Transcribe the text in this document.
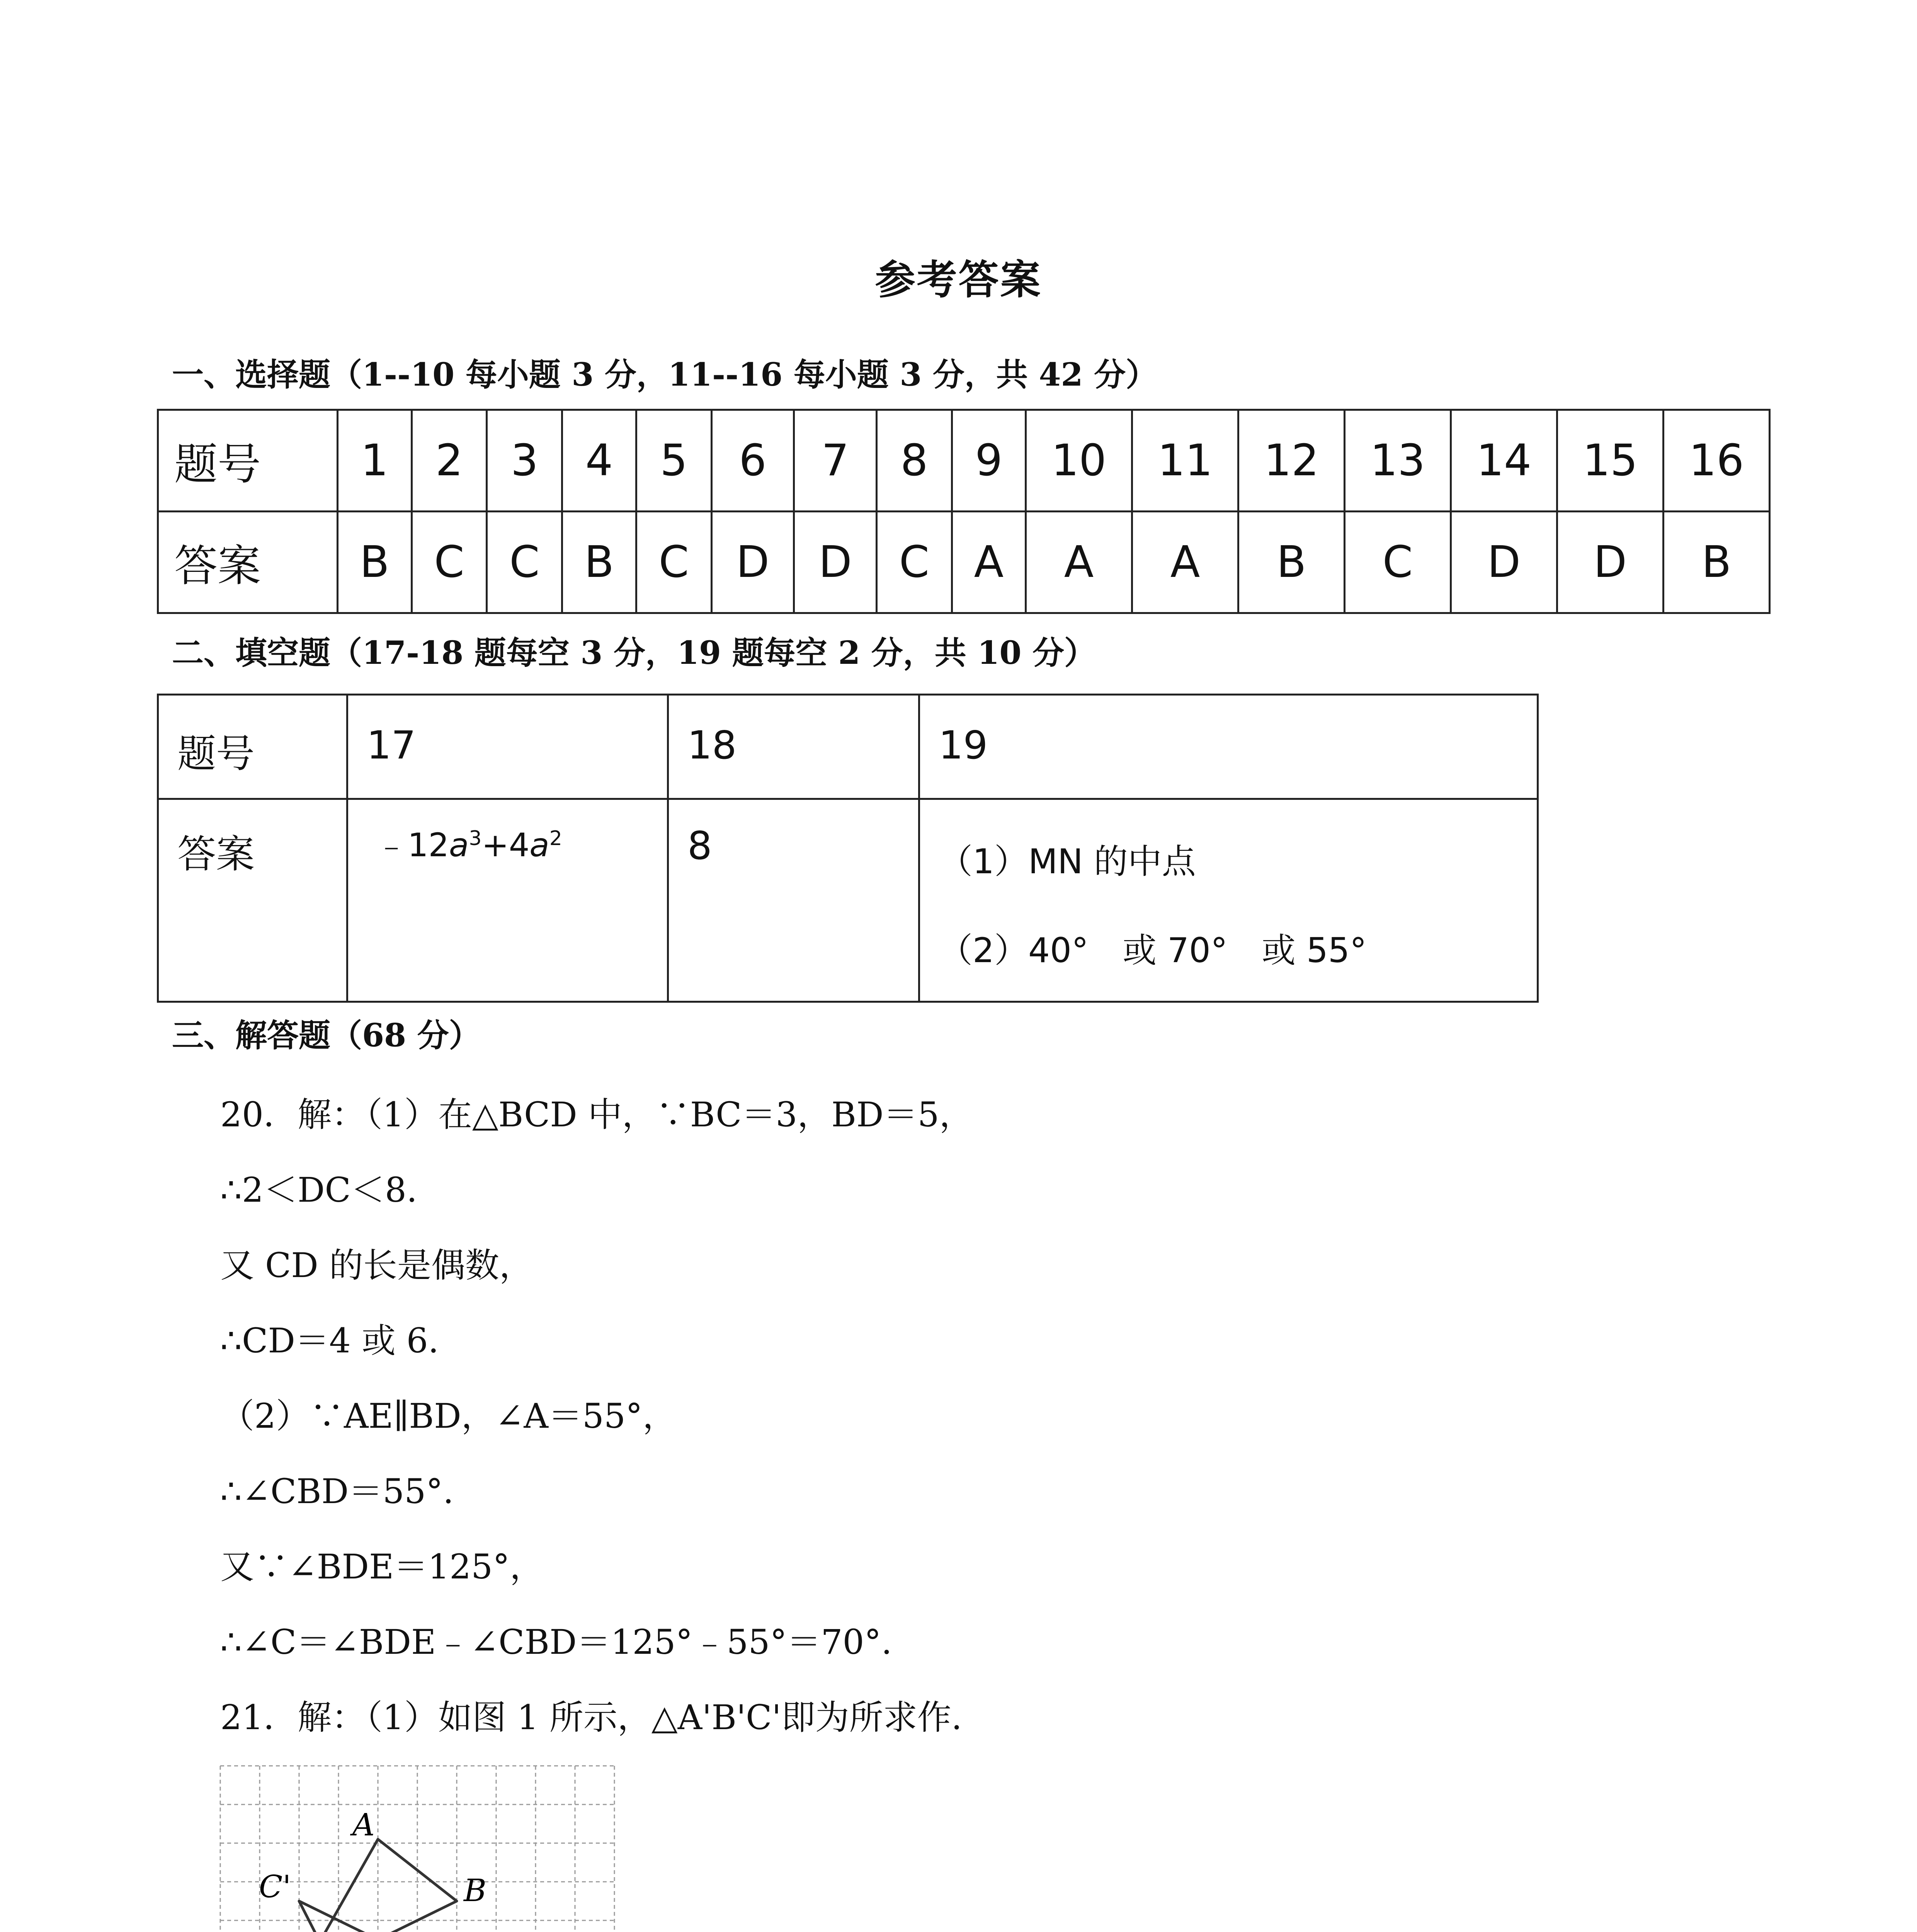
参考答案
一、选择题（1--10 每小题 3 分，11--16 每小题 3 分，共 42 分）
题号	1	2	3	4	5	6	7	8	9	10	11	12	13	14	15	16
答案	B	C	C	B	C	D	D	C	A	A	A	B	C	D	D	B
二、填空题（17-18 题每空 3 分，19 题每空 2 分，共 10 分）
题号	17	18	19
答案	$﹣12a^3+4a^2$	8	（1）MN 的中点
（2）40°　或 70°　或 55°
三、解答题（68 分）
20．解：（1）在△BCD 中，∵BC＝3，BD＝5，
∴2＜DC＜8.
又 CD 的长是偶数，
∴CD＝4 或 6.
（2）∵AE∥BD，∠A＝55°，
∴∠CBD＝55°.
又∵∠BDE＝125°，
∴∠C＝∠BDE﹣∠CBD＝125°﹣55°＝70°.
21．解：（1）如图 1 所示，△A'B'C'即为所求作.
A
B
C'
